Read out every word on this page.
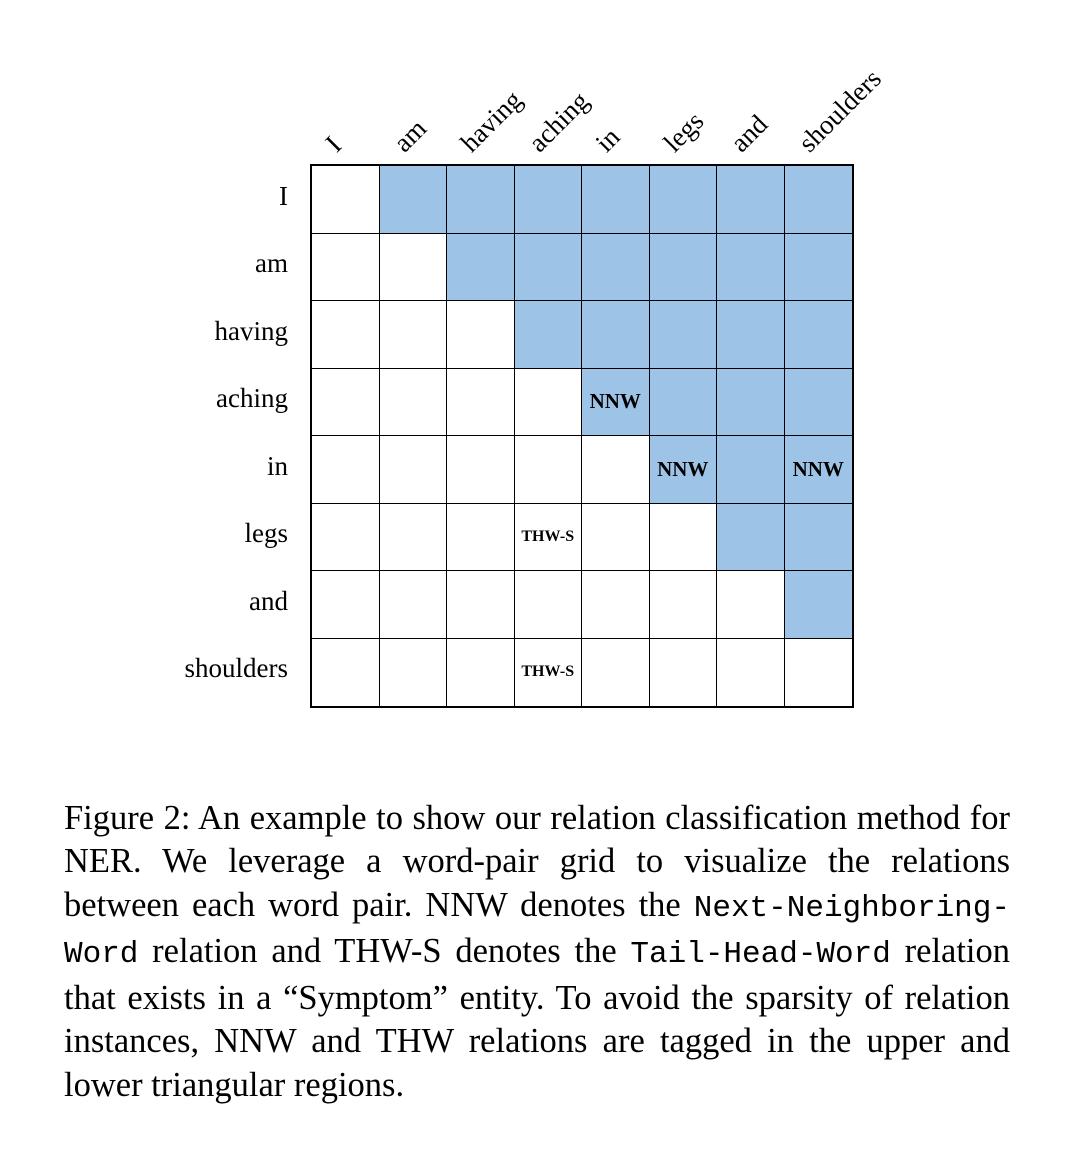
I am having
aching
in legs and shoulders
I
am
having
aching
in
legs
and
shoulders
NNW
NNW	NNW
THW-S
THW-S

Figure 2: An example to show our relation classification method for NER. We leverage a word-pair grid to visualize the relations between each word pair. NNW denotes the Next-Neighboring-Word relation and THW-S denotes the Tail-Head-Word relation that exists in a “Symptom” entity. To avoid the sparsity of relation instances, NNW and THW relations are tagged in the upper and lower triangular regions.
